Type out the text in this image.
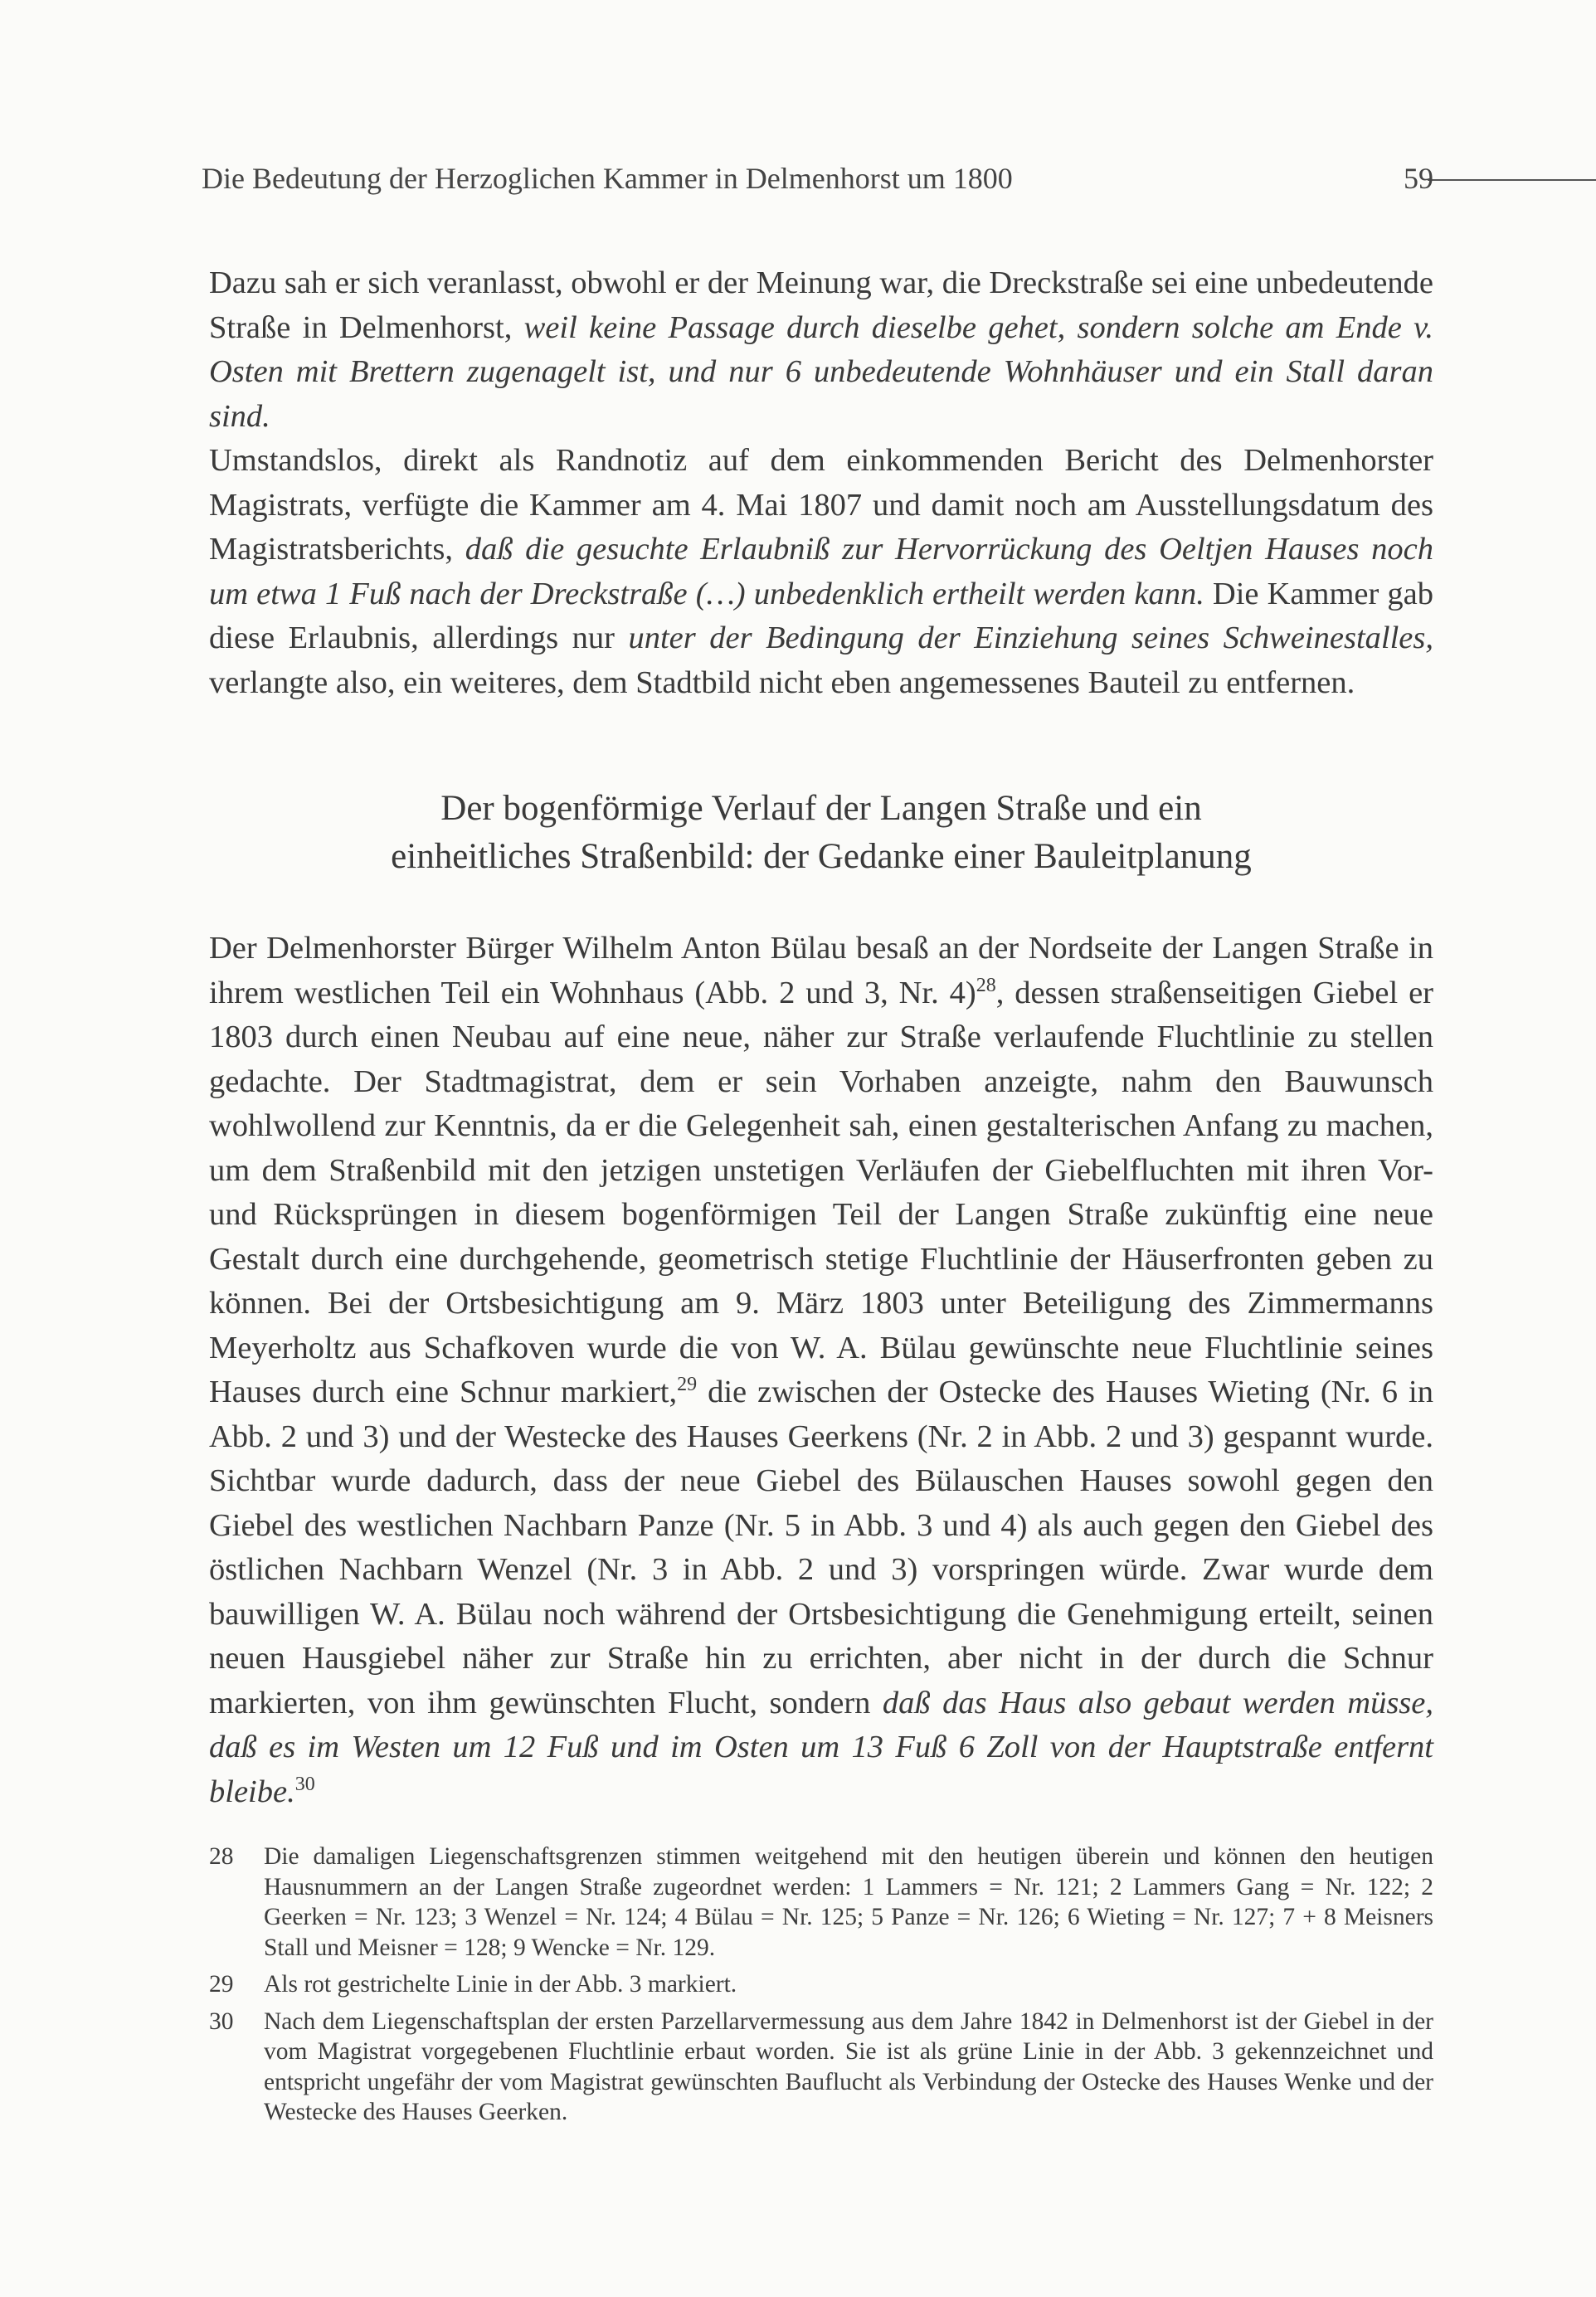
Die Bedeutung der Herzoglichen Kammer in Delmenhorst um 1800	59

Dazu sah er sich veranlasst, obwohl er der Meinung war, die Dreckstraße sei eine unbedeutende Straße in Delmenhorst, weil keine Passage durch dieselbe gehet, sondern solche am Ende v. Osten mit Brettern zugenagelt ist, und nur 6 unbedeutende Wohnhäuser und ein Stall daran sind.

Umstandslos, direkt als Randnotiz auf dem einkommenden Bericht des Delmenhorster Magistrats, verfügte die Kammer am 4. Mai 1807 und damit noch am Ausstellungsdatum des Magistratsberichts, daß die gesuchte Erlaubniß zur Hervorrückung des Oeltjen Hauses noch um etwa 1 Fuß nach der Dreckstraße (…) unbedenklich ertheilt werden kann. Die Kammer gab diese Erlaubnis, allerdings nur unter der Bedingung der Einziehung seines Schweinestalles, verlangte also, ein weiteres, dem Stadtbild nicht eben angemessenes Bauteil zu entfernen.

Der bogenförmige Verlauf der Langen Straße und ein
einheitliches Straßenbild: der Gedanke einer Bauleitplanung

Der Delmenhorster Bürger Wilhelm Anton Bülau besaß an der Nordseite der Langen Straße in ihrem westlichen Teil ein Wohnhaus (Abb. 2 und 3, Nr. 4)$^{28}$, dessen straßenseitigen Giebel er 1803 durch einen Neubau auf eine neue, näher zur Straße verlaufende Fluchtlinie zu stellen gedachte. Der Stadtmagistrat, dem er sein Vorhaben anzeigte, nahm den Bauwunsch wohlwollend zur Kenntnis, da er die Gelegenheit sah, einen gestalterischen Anfang zu machen, um dem Straßenbild mit den jetzigen unstetigen Verläufen der Giebelfluchten mit ihren Vor- und Rücksprüngen in diesem bogenförmigen Teil der Langen Straße zukünftig eine neue Gestalt durch eine durchgehende, geometrisch stetige Fluchtlinie der Häuserfronten geben zu können. Bei der Ortsbesichtigung am 9. März 1803 unter Beteiligung des Zimmermanns Meyerholtz aus Schafkoven wurde die von W. A. Bülau gewünschte neue Fluchtlinie seines Hauses durch eine Schnur markiert,$^{29}$ die zwischen der Ostecke des Hauses Wieting (Nr. 6 in Abb. 2 und 3) und der Westecke des Hauses Geerkens (Nr. 2 in Abb. 2 und 3) gespannt wurde. Sichtbar wurde dadurch, dass der neue Giebel des Bülauschen Hauses sowohl gegen den Giebel des westlichen Nachbarn Panze (Nr. 5 in Abb. 3 und 4) als auch gegen den Giebel des östlichen Nachbarn Wenzel (Nr. 3 in Abb. 2 und 3) vorspringen würde. Zwar wurde dem bauwilligen W. A. Bülau noch während der Ortsbesichtigung die Genehmigung erteilt, seinen neuen Hausgiebel näher zur Straße hin zu errichten, aber nicht in der durch die Schnur markierten, von ihm gewünschten Flucht, sondern daß das Haus also gebaut werden müsse, daß es im Westen um 12 Fuß und im Osten um 13 Fuß 6 Zoll von der Hauptstraße entfernt bleibe.$^{30}$

28 Die damaligen Liegenschaftsgrenzen stimmen weitgehend mit den heutigen überein und können den heutigen Hausnummern an der Langen Straße zugeordnet werden: 1 Lammers = Nr. 121; 2 Lammers Gang = Nr. 122; 2 Geerken = Nr. 123; 3 Wenzel = Nr. 124; 4 Bülau = Nr. 125; 5 Panze = Nr. 126; 6 Wieting = Nr. 127; 7 + 8 Meisners Stall und Meisner = 128; 9 Wencke = Nr. 129.
29 Als rot gestrichelte Linie in der Abb. 3 markiert.
30 Nach dem Liegenschaftsplan der ersten Parzellarvermessung aus dem Jahre 1842 in Delmenhorst ist der Giebel in der vom Magistrat vorgegebenen Fluchtlinie erbaut worden. Sie ist als grüne Linie in der Abb. 3 gekennzeichnet und entspricht ungefähr der vom Magistrat gewünschten Bauflucht als Verbindung der Ostecke des Hauses Wenke und der Westecke des Hauses Geerken.
